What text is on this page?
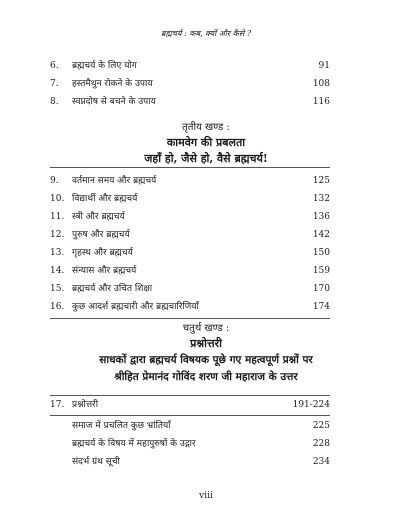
ब्रह्मचर्य : कब, क्यों और कैसे ?
6.	ब्रह्मचर्य के लिए योग	91
7.	हस्तमैथुन रोकने के उपाय	108
8.	स्वप्नदोष से बचने के उपाय	116
तृतीय खण्ड :
कामवेग की प्रबलता
जहाँ हो, जैसे हो, वैसे ब्रह्मचर्य!
9.	वर्तमान समय और ब्रह्मचर्य	125
10. विद्यार्थी और ब्रह्मचर्य	132
11. स्त्री और ब्रह्मचर्य	136
12. पुरुष और ब्रह्मचर्य	142
13. गृहस्थ और ब्रह्मचर्य	150
14. संन्यास और ब्रह्मचर्य	159
15. ब्रह्मचर्य और उचित शिक्षा	170
16. कुछ आदर्श ब्रह्मचारी और ब्रह्मचारिणियाँ	174
चतुर्थ खण्ड :
प्रश्नोत्तरी
साधकों द्वारा ब्रह्मचर्य विषयक पूछे गए महत्वपूर्ण प्रश्नों पर
श्रीहित प्रेमानंद गोविंद शरण जी महाराज के उत्तर
17. प्रश्नोत्तरी	191-224
समाज में प्रचलित कुछ भ्रांतियाँ	225
ब्रह्मचर्य के विषय में महापुरुषों के उद्गार	228
संदर्भ ग्रंथ सूची	234
viii
